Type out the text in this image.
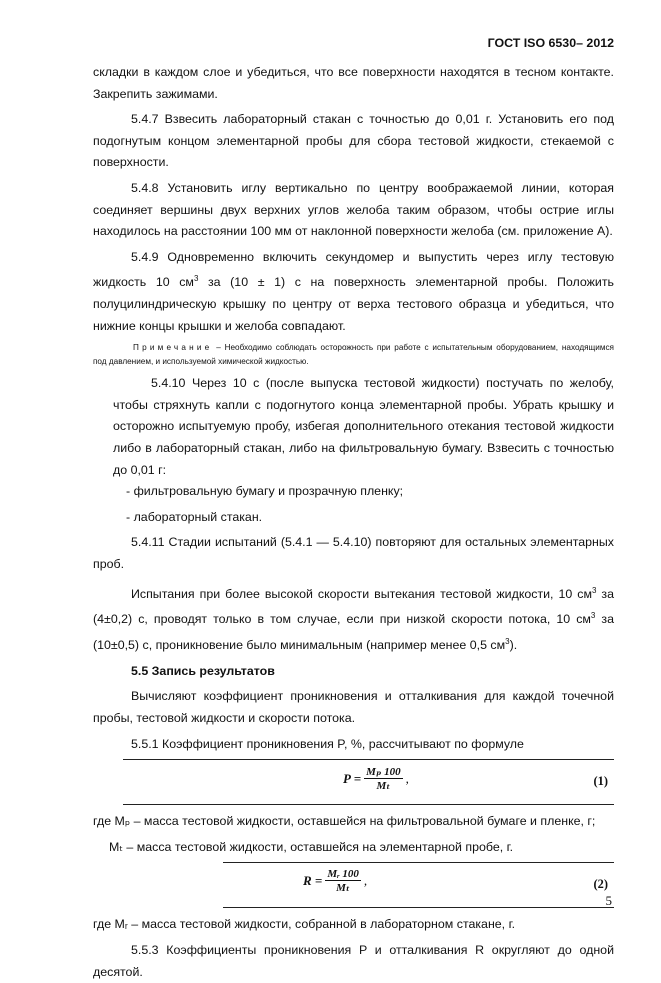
ГОСТ ISO 6530– 2012

складки в каждом слое и убедиться, что все поверхности находятся в тесном контакте. Закрепить зажимами.

5.4.7 Взвесить лабораторный стакан с точностью до 0,01 г. Установить его под подогнутым концом элементарной пробы для сбора тестовой жидкости, стекаемой с поверхности.

5.4.8 Установить иглу вертикально по центру воображаемой линии, которая соединяет вершины двух верхних углов желоба таким образом, чтобы острие иглы находилось на расстоянии 100 мм от наклонной поверхности желоба (см. приложение А).

5.4.9 Одновременно включить секундомер и выпустить через иглу тестовую жидкость 10 $см^3$ за (10 ± 1) с на поверхность элементарной пробы. Положить полуцилиндрическую крышку по центру от верха тестового образца и убедиться, что нижние концы крышки и желоба совпадают.

Примечание – Необходимо соблюдать осторожность при работе с испытательным оборудованием, находящимся под давлением, и используемой химической жидкостью.

5.4.10 Через 10 с (после выпуска тестовой жидкости) постучать по желобу, чтобы стряхнуть капли с подогнутого конца элементарной пробы. Убрать крышку и осторожно испытуемую пробу, избегая дополнительного отекания тестовой жидкости либо в лабораторный стакан, либо на фильтровальную бумагу. Взвесить с точностью до 0,01 г:

- фильтровальную бумагу и прозрачную пленку;

- лабораторный стакан.

5.4.11 Стадии испытаний (5.4.1 — 5.4.10) повторяют для остальных элементарных проб.

Испытания при более высокой скорости вытекания тестовой жидкости, 10 $см^3$ за (4±0,2) с, проводят только в том случае, если при низкой скорости потока, 10 $см^3$ за (10±0,5) с, проникновение было минимальным (например менее 0,5 $см^3$).

5.5 Запись результатов

Вычисляют коэффициент проникновения и отталкивания для каждой точечной пробы, тестовой жидкости и скорости потока.

5.5.1 Коэффициент проникновения P, %, рассчитывают по формуле

$P = \frac{\text{Mₚ 100}}{\text{Mₜ}}$ ,	(1)

где Mₚ – масса тестовой жидкости, оставшейся на фильтровальной бумаге и пленке, г;

Mₜ – масса тестовой жидкости, оставшейся на элементарной пробе, г.

$R = \frac{\text{Mᵣ 100}}{\text{Mₜ}}$ ,	(2)

где Mᵣ – масса тестовой жидкости, собранной в лабораторном стакане, г.

5.5.3 Коэффициенты проникновения P и отталкивания R округляют до одной десятой.

5
